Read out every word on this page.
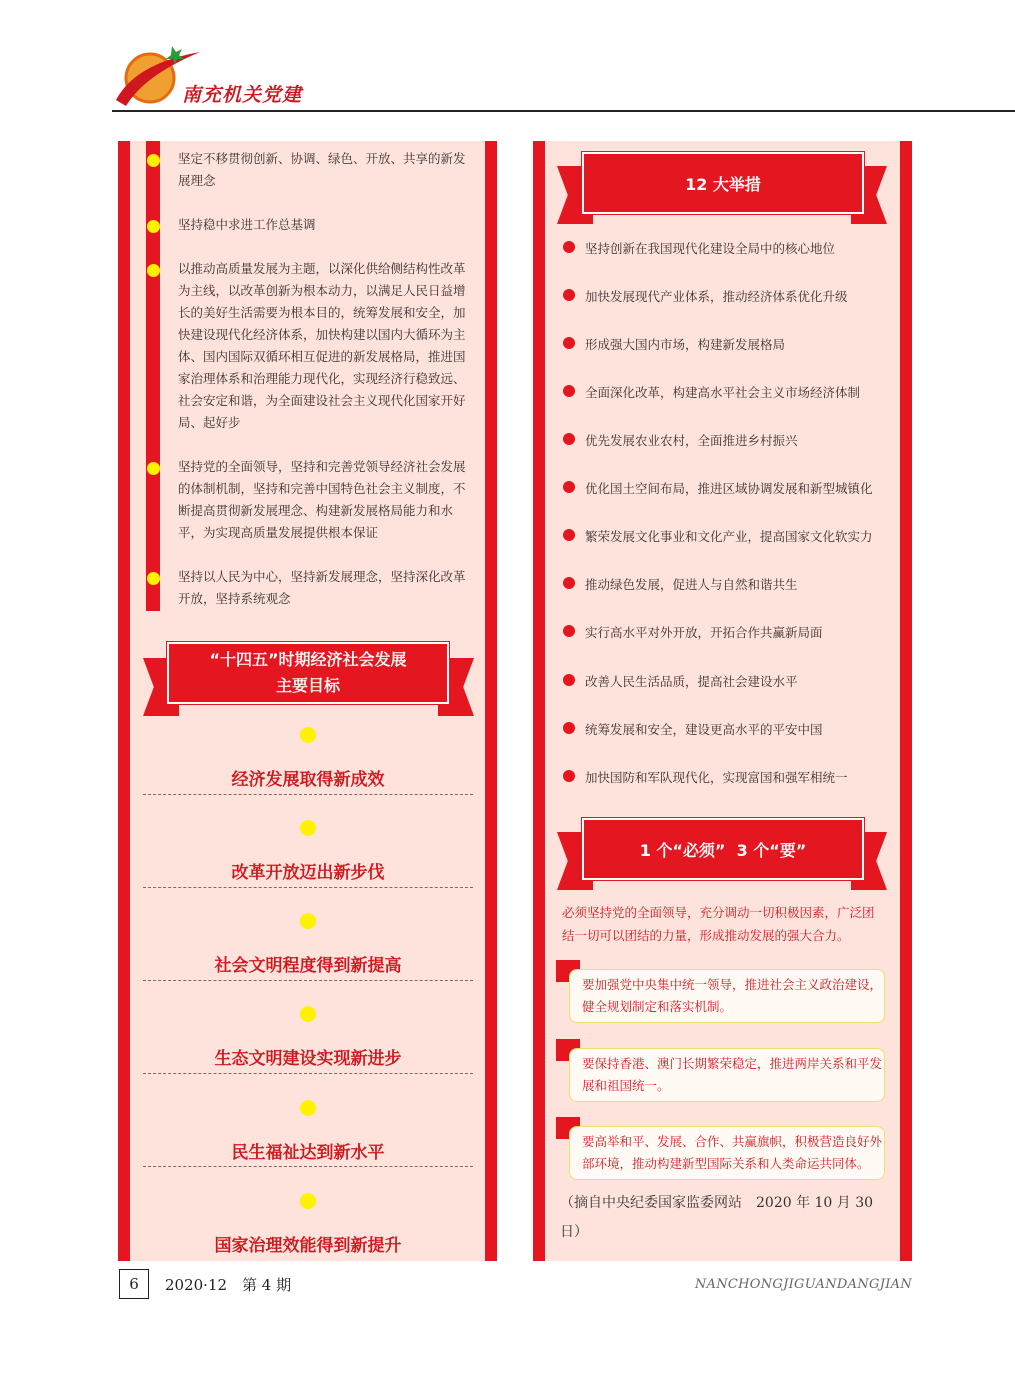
南充机关党建
坚定不移贯彻创新、协调、绿色、开放、共享的新发展理念
坚持稳中求进工作总基调
以推动高质量发展为主题，以深化供给侧结构性改革为主线，以改革创新为根本动力，以满足人民日益增长的美好生活需要为根本目的，统筹发展和安全，加快建设现代化经济体系，加快构建以国内大循环为主体、国内国际双循环相互促进的新发展格局，推进国家治理体系和治理能力现代化，实现经济行稳致远、社会安定和谐，为全面建设社会主义现代化国家开好局、起好步
坚持党的全面领导，坚持和完善党领导经济社会发展的体制机制，坚持和完善中国特色社会主义制度，不断提高贯彻新发展理念、构建新发展格局能力和水平，为实现高质量发展提供根本保证
坚持以人民为中心，坚持新发展理念，坚持深化改革开放，坚持系统观念
“十四五”时期经济社会发展
主要目标
经济发展取得新成效
改革开放迈出新步伐
社会文明程度得到新提高
生态文明建设实现新进步
民生福祉达到新水平
国家治理效能得到新提升
12 大举措
坚持创新在我国现代化建设全局中的核心地位
加快发展现代产业体系，推动经济体系优化升级
形成强大国内市场，构建新发展格局
全面深化改革，构建高水平社会主义市场经济体制
优先发展农业农村，全面推进乡村振兴
优化国土空间布局，推进区域协调发展和新型城镇化
繁荣发展文化事业和文化产业，提高国家文化软实力
推动绿色发展，促进人与自然和谐共生
实行高水平对外开放，开拓合作共赢新局面
改善人民生活品质，提高社会建设水平
统筹发展和安全，建设更高水平的平安中国
加快国防和军队现代化，实现富国和强军相统一
1 个“必须”  3 个“要”
必须坚持党的全面领导，充分调动一切积极因素，广泛团结一切可以团结的力量，形成推动发展的强大合力。
要加强党中央集中统一领导，推进社会主义政治建设，健全规划制定和落实机制。
要保持香港、澳门长期繁荣稳定，推进两岸关系和平发展和祖国统一。
要高举和平、发展、合作、共赢旗帜，积极营造良好外部环境，推动构建新型国际关系和人类命运共同体。
（摘自中央纪委国家监委网站　2020 年 10 月 30 日）
6	2020·12　第 4 期	NANCHONGJIGUANDANGJIAN
